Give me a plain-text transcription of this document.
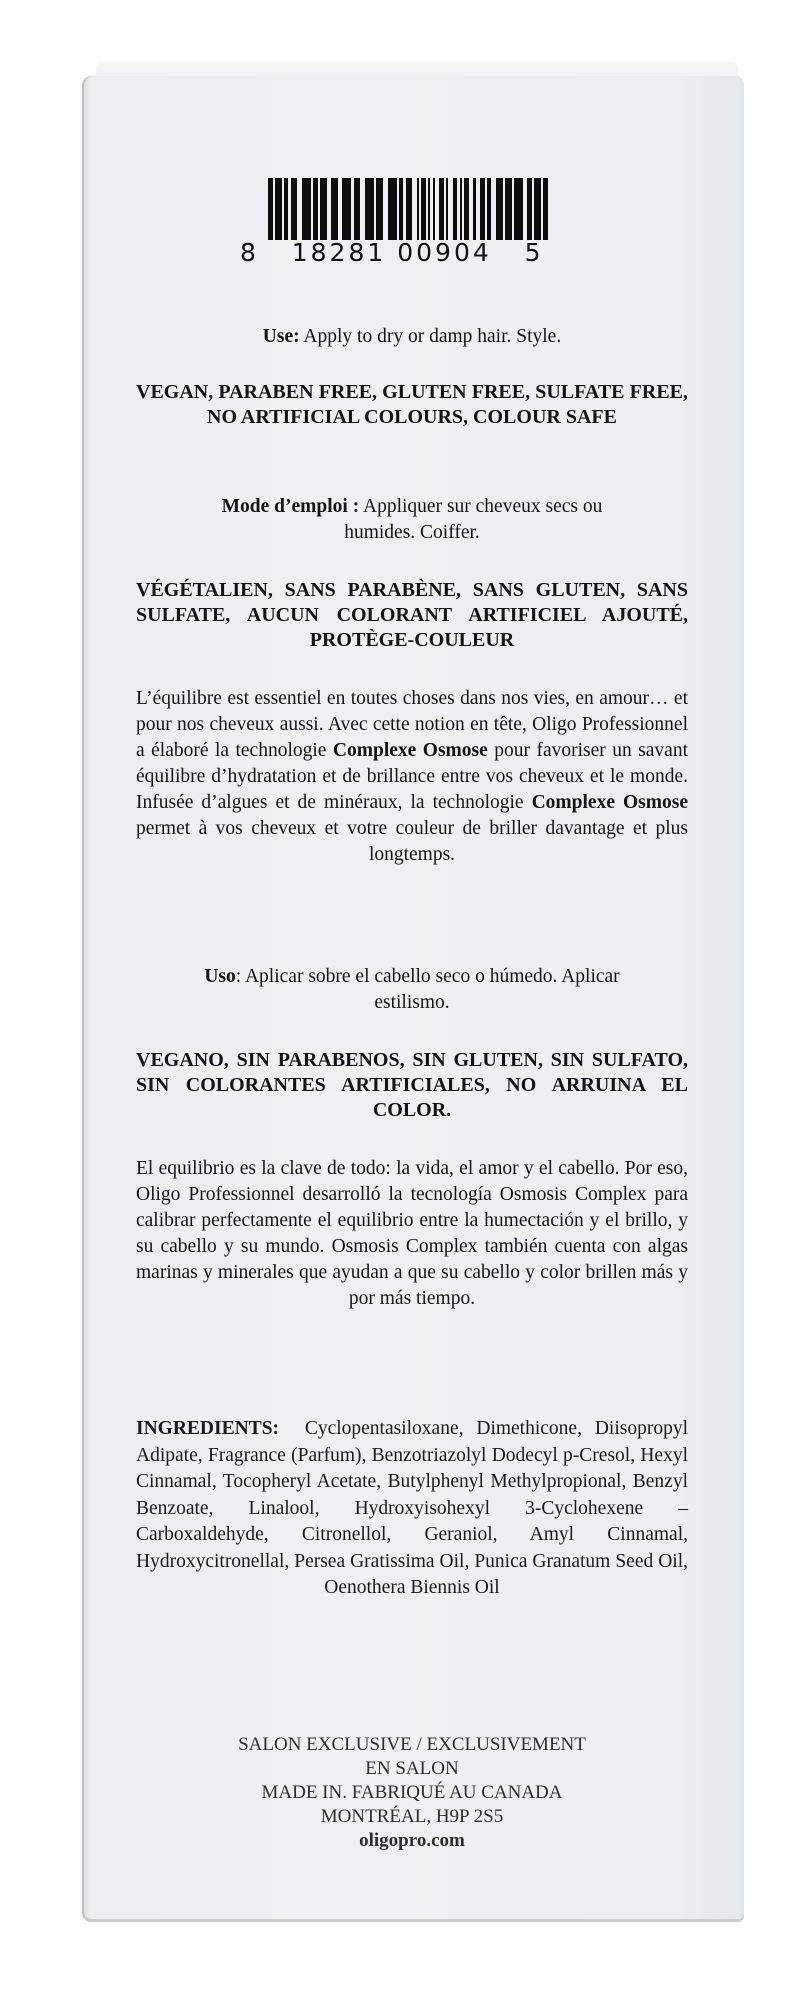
8   18281 00904   5
Use: Apply to dry or damp hair. Style.
VEGAN, PARABEN FREE, GLUTEN FREE, SULFATE FREE, NO ARTIFICIAL COLOURS, COLOUR SAFE
Mode d’emploi : Appliquer sur cheveux secs ou humides. Coiffer.
VÉGÉTALIEN, SANS PARABÈNE, SANS GLUTEN, SANS SULFATE, AUCUN COLORANT ARTIFICIEL AJOUTÉ, PROTÈGE-COULEUR
L’équilibre est essentiel en toutes choses dans nos vies, en amour… et pour nos cheveux aussi. Avec cette notion en tête, Oligo Professionnel a élaboré la technologie Complexe Osmose pour favoriser un savant équilibre d’hydratation et de brillance entre vos cheveux et le monde. Infusée d’algues et de minéraux, la technologie Complexe Osmose permet à vos cheveux et votre couleur de briller davantage et plus longtemps.
Uso: Aplicar sobre el cabello seco o húmedo. Aplicar estilismo.
VEGANO, SIN PARABENOS, SIN GLUTEN, SIN SULFATO, SIN COLORANTES ARTIFICIALES, NO ARRUINA EL COLOR.
El equilibrio es la clave de todo: la vida, el amor y el cabello. Por eso, Oligo Professionnel desarrolló la tecnología Osmosis Complex para calibrar perfectamente el equilibrio entre la humectación y el brillo, y su cabello y su mundo. Osmosis Complex también cuenta con algas marinas y minerales que ayudan a que su cabello y color brillen más y por más tiempo.
INGREDIENTS: Cyclopentasiloxane, Dimethicone, Diisopropyl Adipate, Fragrance (Parfum), Benzotriazolyl Dodecyl p-Cresol, Hexyl Cinnamal, Tocopheryl Acetate, Butylphenyl Methylpropional, Benzyl Benzoate, Linalool, Hydroxyisohexyl 3-Cyclohexene – Carboxaldehyde, Citronellol, Geraniol, Amyl Cinnamal, Hydroxycitronellal, Persea Gratissima Oil, Punica Granatum Seed Oil, Oenothera Biennis Oil
SALON EXCLUSIVE / EXCLUSIVEMENT
EN SALON
MADE IN. FABRIQUÉ AU CANADA
MONTRÉAL, H9P 2S5
oligopro.com
